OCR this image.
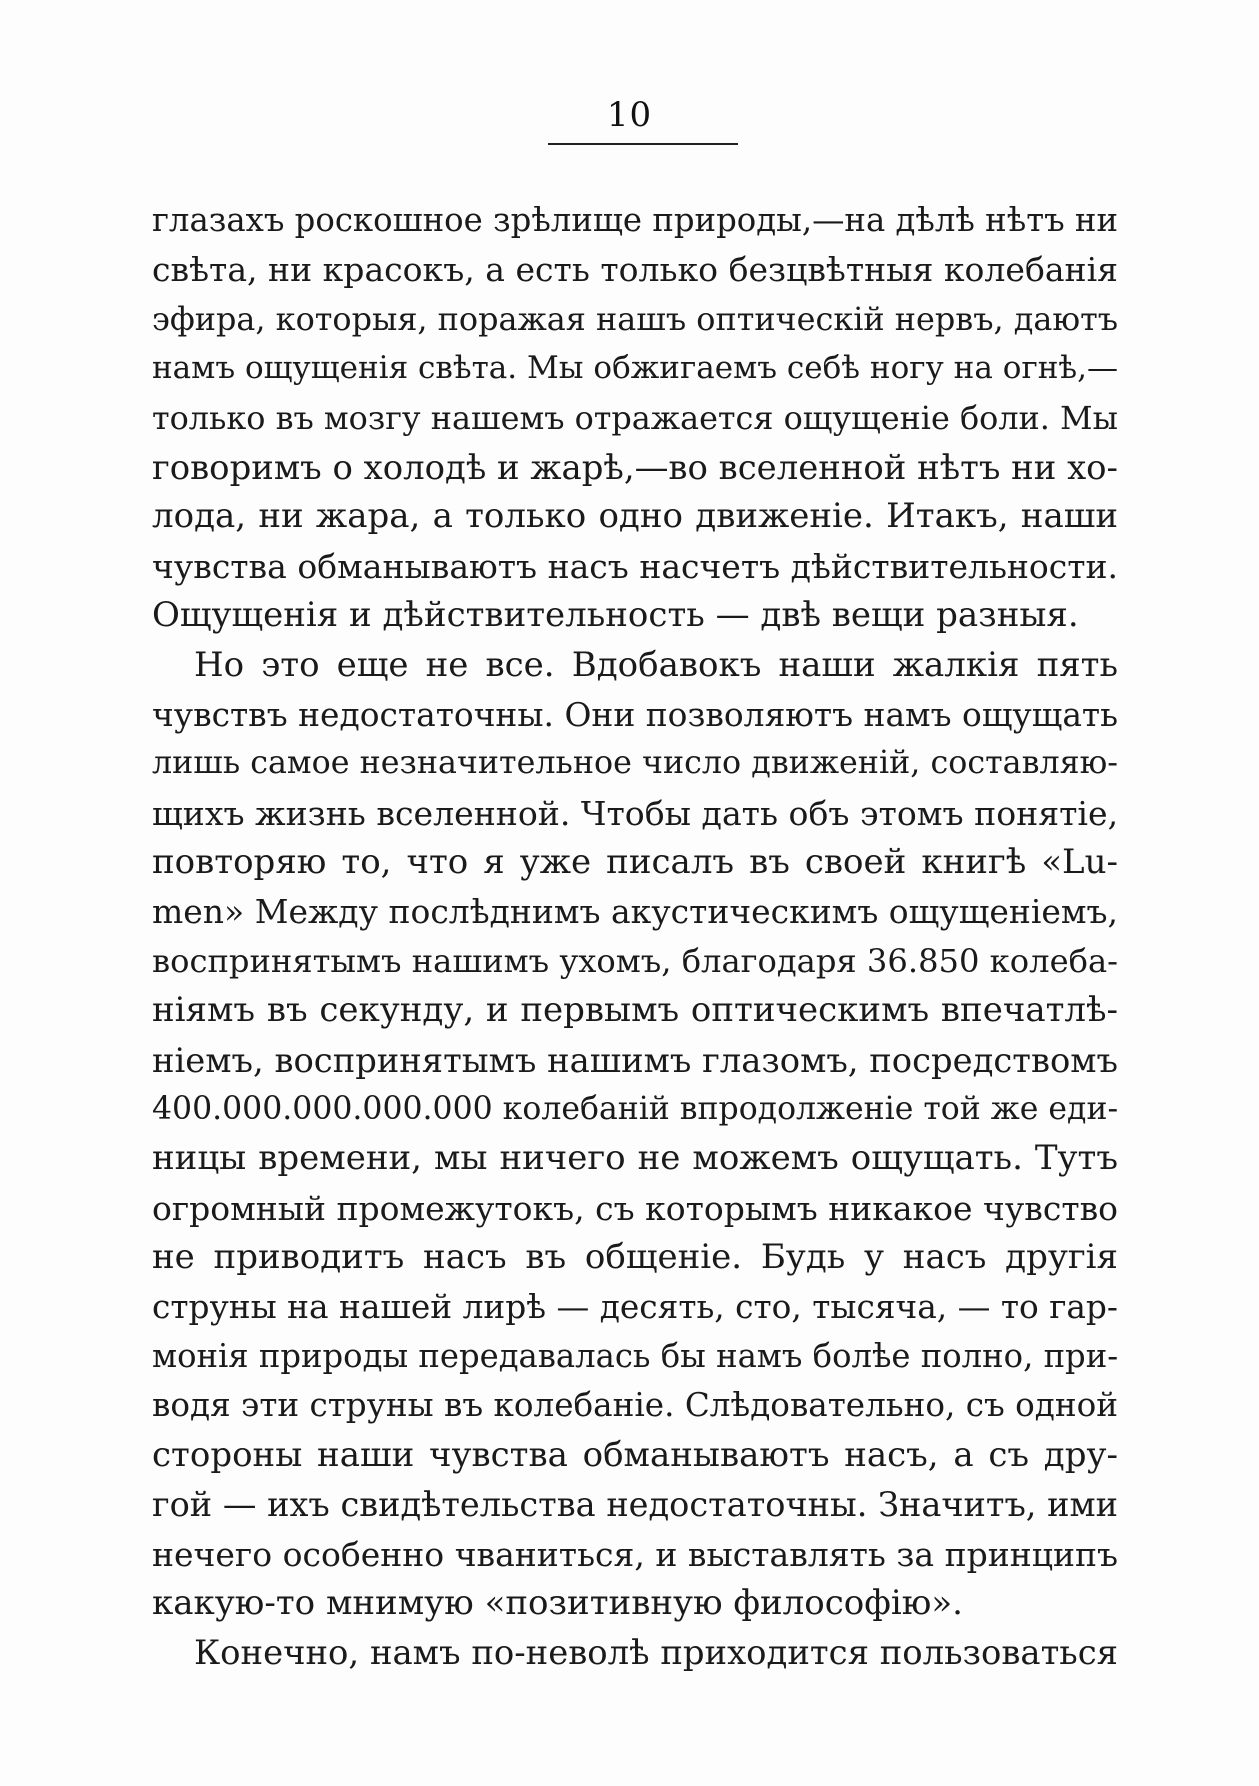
10
глазахъ роскошное зрѣлище природы,—на дѣлѣ нѣтъ ни
свѣта, ни красокъ, а есть только безцвѣтныя колебанія
эфира, которыя, поражая нашъ оптическій нервъ, даютъ
намъ ощущенія свѣта. Мы обжигаемъ себѣ ногу на огнѣ,—
только въ мозгу нашемъ отражается ощущеніе боли. Мы
говоримъ о холодѣ и жарѣ,—во вселенной нѣтъ ни хо-
лода, ни жара, а только одно движеніе. Итакъ, наши
чувства обманываютъ насъ насчетъ дѣйствительности.
Ощущенія и дѣйствительность — двѣ вещи разныя.
Но это еще не все. Вдобавокъ наши жалкія пять
чувствъ недостаточны. Они позволяютъ намъ ощущать
лишь самое незначительное число движеній, составляю-
щихъ жизнь вселенной. Чтобы дать объ этомъ понятіе,
повторяю то, что я уже писалъ въ своей книгѣ «Lu-
men» Между послѣднимъ акустическимъ ощущеніемъ,
воспринятымъ нашимъ ухомъ, благодаря 36.850 колеба-
ніямъ въ секунду, и первымъ оптическимъ впечатлѣ-
ніемъ, воспринятымъ нашимъ глазомъ, посредствомъ
400.000.000.000.000 колебаній впродолженіе той же еди-
ницы времени, мы ничего не можемъ ощущать. Тутъ
огромный промежутокъ, съ которымъ никакое чувство
не приводитъ насъ въ общеніе. Будь у насъ другія
струны на нашей лирѣ — десять, сто, тысяча, — то гар-
монія природы передавалась бы намъ болѣе полно, при-
водя эти струны въ колебаніе. Слѣдовательно, съ одной
стороны наши чувства обманываютъ насъ, а съ дру-
гой — ихъ свидѣтельства недостаточны. Значитъ, ими
нечего особенно чваниться, и выставлять за принципъ
какую-то мнимую «позитивную философію».
Конечно, намъ по-неволѣ приходится пользоваться
